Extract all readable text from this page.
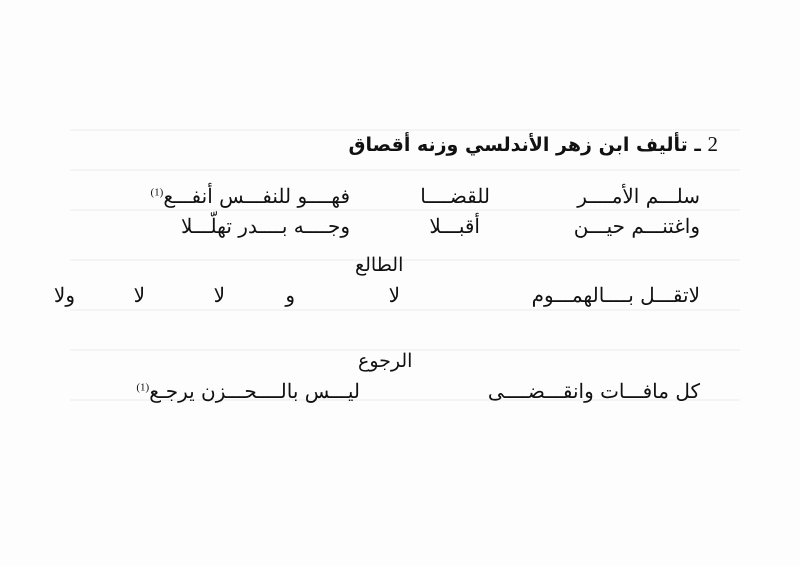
2 ـ تأليف ابن زهر الأندلسي وزنه أقصاق
سلـــم الأمــــر
للقضــــا
فهــــو للنفـــس أنفـــع$^{(1)}$
واغتنـــم حيـــن
أقبـــلا
وجــــه بــــدر تهلّـــلا
الطالع
لاتقـــل بــــالهمـــوم
لا
و
لا
لا
ولا
الرجوع
كل مافـــات وانقـــضــــى
ليـــس بالــــحـــزن يرجـع$^{(1)}$
